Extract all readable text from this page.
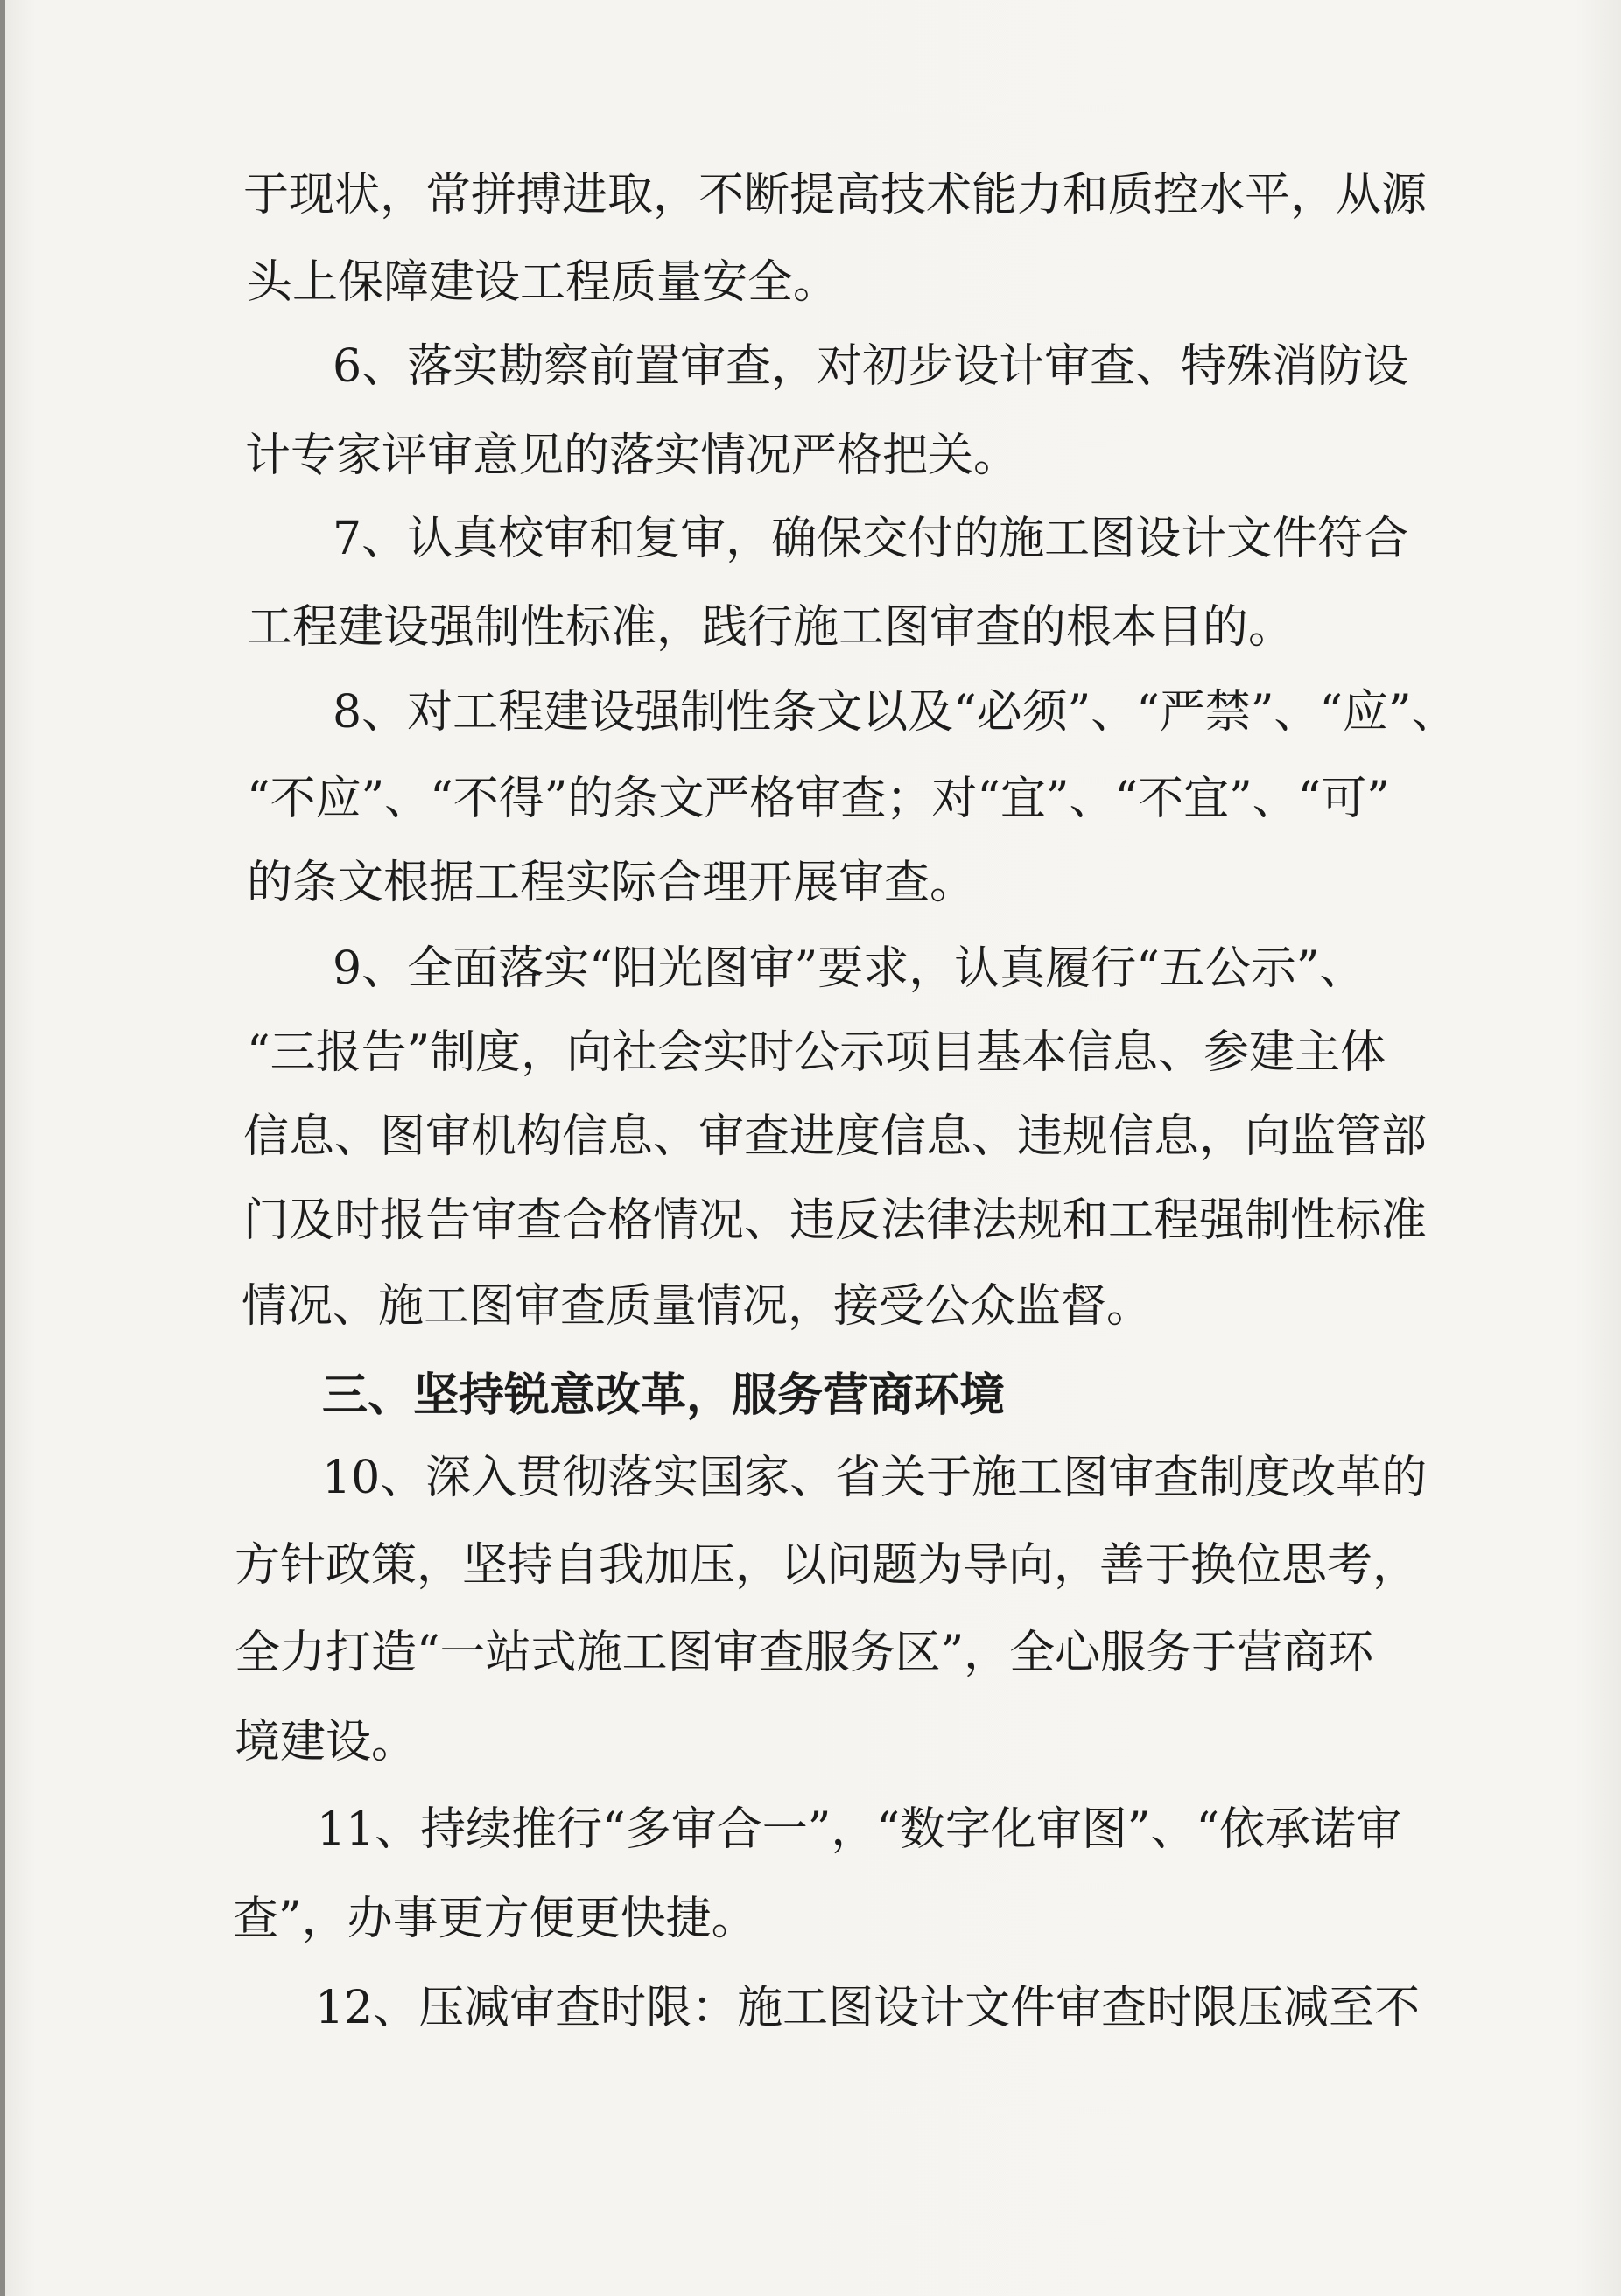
于现状，常拼搏进取，不断提高技术能力和质控水平，从源

头上保障建设工程质量安全。

6、落实勘察前置审查，对初步设计审查、特殊消防设

计专家评审意见的落实情况严格把关。

7、认真校审和复审，确保交付的施工图设计文件符合

工程建设强制性标准，践行施工图审查的根本目的。

8、对工程建设强制性条文以及“必须”、“严禁”、“应”、

“不应”、“不得”的条文严格审查；对“宜”、“不宜”、“可”

的条文根据工程实际合理开展审查。

9、全面落实“阳光图审”要求，认真履行“五公示”、

“三报告”制度，向社会实时公示项目基本信息、参建主体

信息、图审机构信息、审查进度信息、违规信息，向监管部

门及时报告审查合格情况、违反法律法规和工程强制性标准

情况、施工图审查质量情况，接受公众监督。

三、坚持锐意改革，服务营商环境

10、深入贯彻落实国家、省关于施工图审查制度改革的

方针政策，坚持自我加压，以问题为导向，善于换位思考，

全力打造“一站式施工图审查服务区”，全心服务于营商环

境建设。

11、持续推行“多审合一”，“数字化审图”、“依承诺审

查”，办事更方便更快捷。

12、压减审查时限：施工图设计文件审查时限压减至不
